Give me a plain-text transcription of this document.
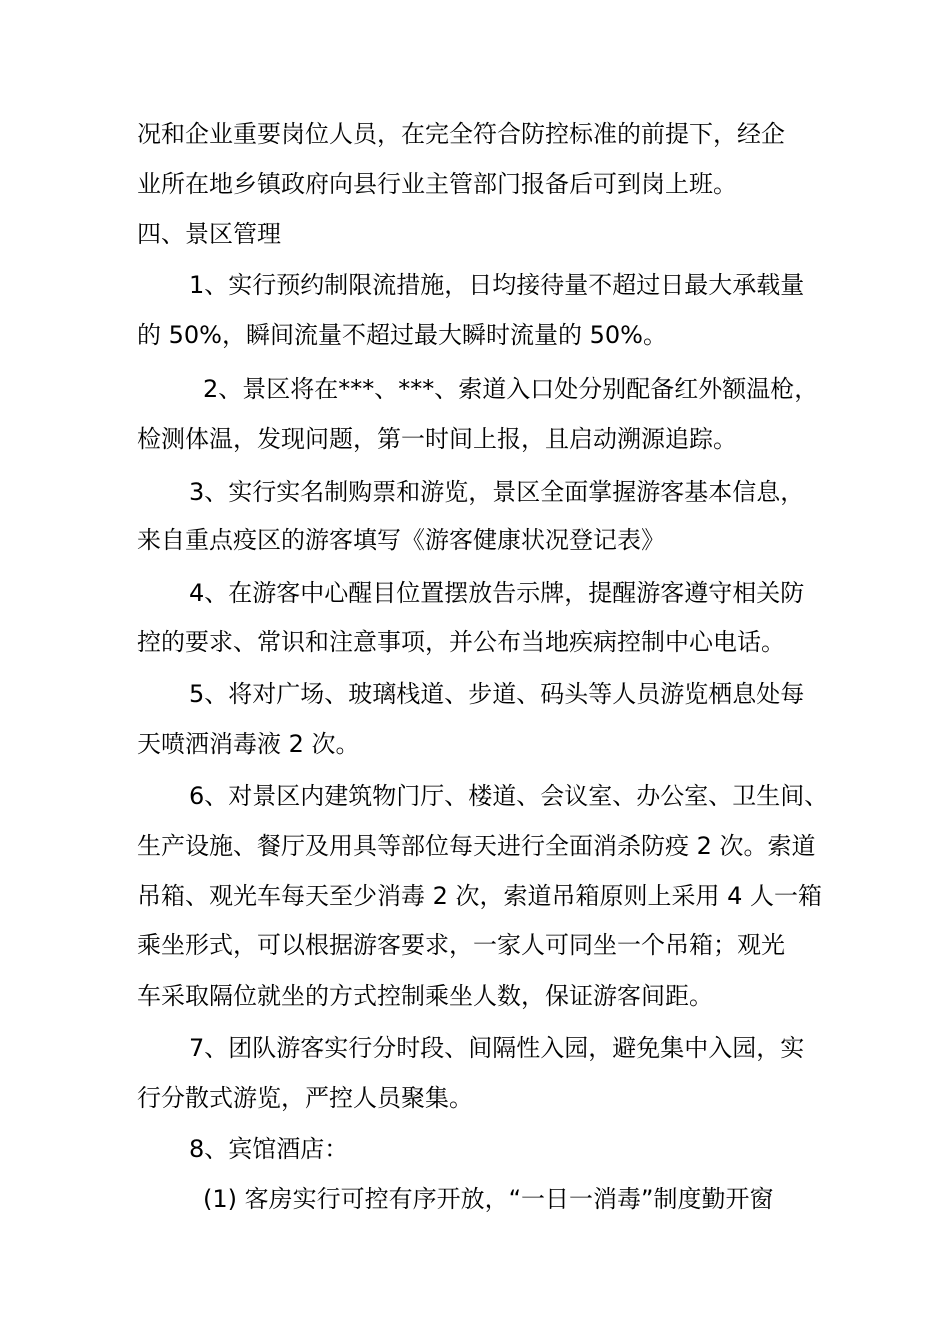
况和企业重要岗位人员，在完全符合防控标准的前提下，经企
业所在地乡镇政府向县行业主管部门报备后可到岗上班。
四、景区管理
1、实行预约制限流措施，日均接待量不超过日最大承载量
的 50%，瞬间流量不超过最大瞬时流量的 50%。
2、景区将在***、***、索道入口处分别配备红外额温枪，
检测体温，发现问题，第一时间上报，且启动溯源追踪。
3、实行实名制购票和游览，景区全面掌握游客基本信息，
来自重点疫区的游客填写《游客健康状况登记表》
4、在游客中心醒目位置摆放告示牌，提醒游客遵守相关防
控的要求、常识和注意事项，并公布当地疾病控制中心电话。
5、将对广场、玻璃栈道、步道、码头等人员游览栖息处每
天喷洒消毒液 2 次。
6、对景区内建筑物门厅、楼道、会议室、办公室、卫生间、
生产设施、餐厅及用具等部位每天进行全面消杀防疫 2 次。索道
吊箱、观光车每天至少消毒 2 次，索道吊箱原则上采用 4 人一箱
乘坐形式，可以根据游客要求，一家人可同坐一个吊箱；观光
车采取隔位就坐的方式控制乘坐人数，保证游客间距。
7、团队游客实行分时段、间隔性入园，避免集中入园，实
行分散式游览，严控人员聚集。
8、宾馆酒店：
(1) 客房实行可控有序开放，“一日一消毒”制度勤开窗
